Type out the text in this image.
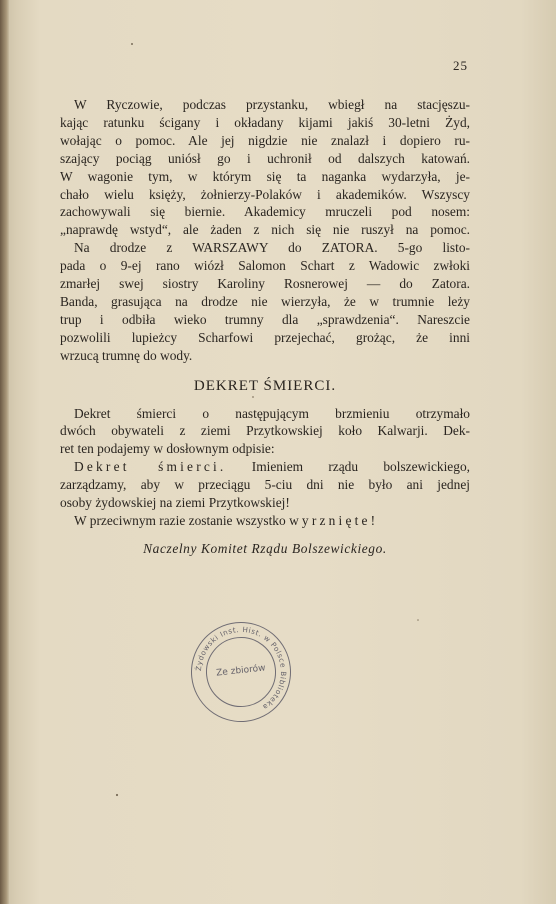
25
W Ryczowie, podczas przystanku, wbiegł na stacjęszu-
kając ratunku ścigany i okładany kijami jakiś 30-letni Żyd,
wołając o pomoc. Ale jej nigdzie nie znalazł i dopiero ru-
szający pociąg uniósł go i uchronił od dalszych katowań.
W wagonie tym, w którym się ta naganka wydarzyła, je-
chało wielu księży, żołnierzy-Polaków i akademików. Wszyscy
zachowywali się biernie. Akademicy mruczeli pod nosem:
„naprawdę wstyd“, ale żaden z nich się nie ruszył na pomoc.
Na drodze z WARSZAWY do ZATORA. 5-go listo-
pada o 9-ej rano wiózł Salomon Schart z Wadowic zwłoki
zmarłej swej siostry Karoliny Rosnerowej — do Zatora.
Banda, grasująca na drodze nie wierzyła, że w trumnie leży
trup i odbiła wieko trumny dla „sprawdzenia“. Nareszcie
pozwolili lupieżcy Scharfowi przejechać, grożąc, że inni
wrzucą trumnę do wody.
DEKRET ŚMIERCI.
Dekret śmierci o następującym brzmieniu otrzymało
dwóch obywateli z ziemi Przytkowskiej koło Kalwarji. Dek-
ret ten podajemy w dosłownym odpisie:
Dekret śmierci. Imieniem rządu bolszewickiego,
zarządzamy, aby w przeciągu 5-ciu dni nie było ani jednej
osoby żydowskiej na ziemi Przytkowskiej!
W przeciwnym razie zostanie wszystko wyrznięte!
Naczelny Komitet Rządu Bolszewickiego.
Żydowski Inst. Hist. w Polsce Biblioteka
Ze zbiorów
